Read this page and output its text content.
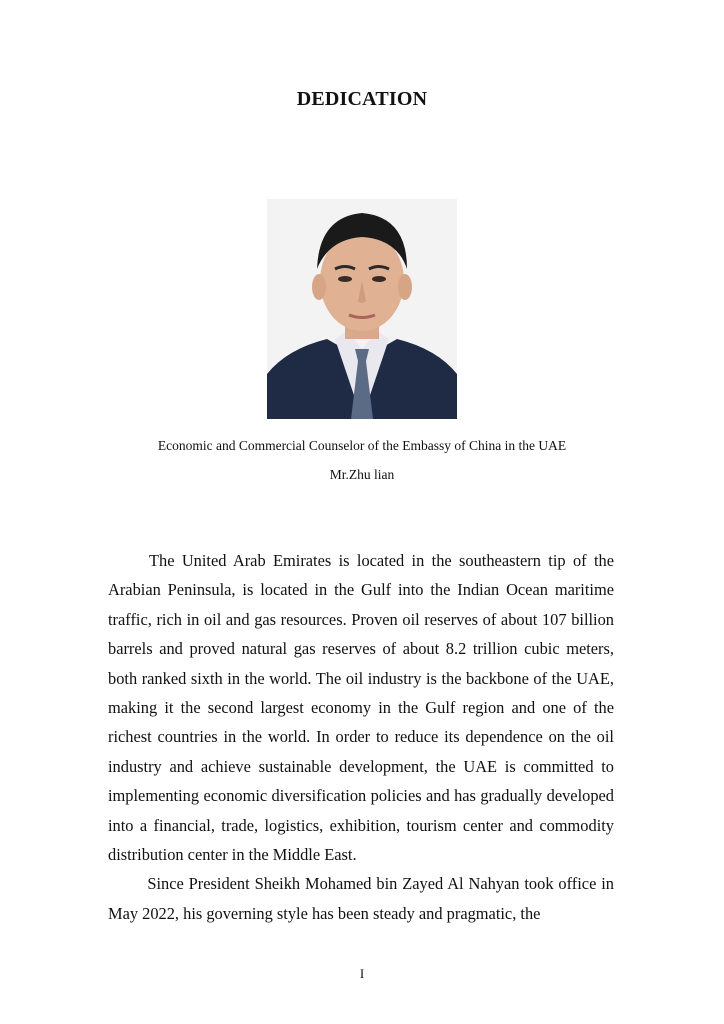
DEDICATION
Economic and Commercial Counselor of the Embassy of China in the UAE
Mr.Zhu lian

The United Arab Emirates is located in the southeastern tip of the Arabian Peninsula, is located in the Gulf into the Indian Ocean maritime traffic, rich in oil and gas resources. Proven oil reserves of about 107 billion barrels and proved natural gas reserves of about 8.2 trillion cubic meters, both ranked sixth in the world. The oil industry is the backbone of the UAE, making it the second largest economy in the Gulf region and one of the richest countries in the world. In order to reduce its dependence on the oil industry and achieve sustainable development, the UAE is committed to implementing economic diversification policies and has gradually developed into a financial, trade, logistics, exhibition, tourism center and commodity distribution center in the Middle East.

Since President Sheikh Mohamed bin Zayed Al Nahyan took office in May 2022, his governing style has been steady and pragmatic, the

I
